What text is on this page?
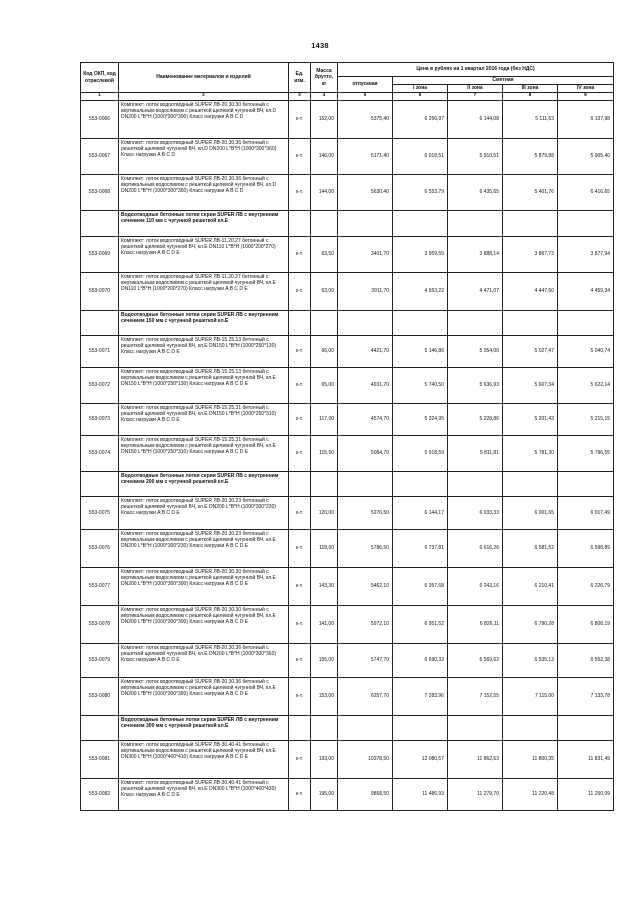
1438
Код ОКП, код отраслевой	Наименование материалов и изделий	Ед. изм.	Масса брутто, кг	Цена в рублях на 1 квартал 2016 года (без НДС)				
				отпускная	Сметная			
					I зона	II зона	III зона	IV зона
1	2	3	4	5	6	7	8	9
553-0066	Комплект: лоток водоотводный SUPER ЛВ-20.30.30 бетонный с вертикальным водосливом с решеткой щелевой чугунной ВЧ, кл.D DN200 L*B*H (1000*300*300) Класс нагрузки A B C D	к-т.	152,00	5375,40	6 256,97	6 144,08	5 111,63	6 137,98
553-0067	Комплект: лоток водоотводный SUPER ЛВ-20.30.36 бетонный с решеткой щелевой чугунной ВЧ, кл.D DN200 L*B*H (1000*300*360) Класс нагрузки A B C D	к-т.	146,00	5171,40	6 018,51	5 910,51	5 879,88	5 905,40
553-0068	Комплект: лоток водоотводный SUPER ЛВ-20.30.36 бетонный с вертикальным водосливом с решеткой щелевой чугунной ВЧ, кл.D DN200 L*B*H (1000*300*360) Класс нагрузки A B C D	к-т.	144,00	5630,40	6 553,79	6 435,65	5 401,76	6 416,65
	Водоотводные бетонные лотки серии SUPER ЛВ с внутренним сечением 110 мм с чугунной решеткой кл.E							
553-0069	Комплект: лоток водоотводный SUPER ЛВ-11.20.27 бетонный с решеткой щелевой чугунной ВЧ, кл.E DN110 L*B*H (1000*200*270) Класс нагрузки A B C D E	к-т.	63,50	3401,70	3 959,59	3 888,14	3 867,73	3 877,94
553-0070	Комплект: лоток водоотводный SUPER ЛВ-11.20.27 бетонный с вертикальным водосливом с решеткой щелевой чугунной ВЧ, кл.E DN110 L*B*H (1000*200*270) Класс нагрузки A B C D E	к-т.	63,00	3911,70	4 553,22	4 471,07	4 447,60	4 459,34
	Водоотводные бетонные лотки серии SUPER ЛВ с внутренним сечением 150 мм с чугунной решеткой кл.E							
553-0071	Комплект: лоток водоотводный SUPER ЛВ-15.25.13 бетонный с решеткой щелевой чугунной ВЧ, кл.E DN150 L*B*H (1000*250*130) Класс нагрузки A B C D E	к-т.	66,00	4421,70	5 146,86	5 054,00	5 027,47	5 040,74
553-0072	Комплект: лоток водоотводный SUPER ЛВ-15.25.13 бетонный с вертикальным водосливом с решеткой щелевой чугунной ВЧ, кл.E DN150 L*B*H (1000*250*130) Класс нагрузки A B C D E	к-т.	65,00	4931,70	5 740,50	5 636,93	5 607,34	5 622,14
553-0073	Комплект: лоток водоотводный SUPER ЛВ-15.25.31 бетонный с решеткой щелевой чугунной ВЧ, кл.E DN150 L*B*H (1000*250*310) Класс нагрузки A B C D E	к-т.	117,00	4574,70	5 324,95	5 228,86	5 201,43	5 215,15
553-0074	Комплект: лоток водоотводный SUPER ЛВ-15.25.31 бетонный с вертикальным водосливом с решеткой щелевой чугунной ВЧ, кл.E DN150 L*B*H (1000*250*310) Класс нагрузки A B C D E	к-т.	115,50	5084,70	5 918,59	5 811,81	5 781,30	5 796,55
	Водоотводные бетонные лотки серии SUPER ЛВ с внутренним сечением 200 мм с чугунной решеткой кл.E							
553-0075	Комплект: лоток водоотводный SUPER ЛВ-20.30.23 бетонный с решеткой щелевой чугунной ВЧ, кл.E DN200 L*B*H (1000*300*230) Класс нагрузки A B C D E	к-т.	120,00	5276,50	6 144,17	6 033,33	6 001,65	6 017,49
553-0076	Комплект: лоток водоотводный SUPER ЛВ-20.30.23 бетонный с вертикальным водосливом с решеткой щелевой чугунной ВЧ, кл.E DN200 L*B*H (1000*300*230) Класс нагрузки A B C D E	к-т.	118,00	5786,50	6 737,81	6 616,26	6 581,52	6 598,89
553-0077	Комплект: лоток водоотводный SUPER ЛВ-20.30.30 бетонный с вертикальным водосливом с решеткой щелевой чугунной ВЧ, кл.E DN200 L*B*H (1000*300*300) Класс нагрузки A B C D E	к-т.	143,30	5462,10	6 357,68	6 243,16	6 210,41	6 226,79
553-0078	Комплект: лоток водоотводный SUPER ЛВ-20.30.30 бетонный с вертикальным водосливом с решеткой щелевой чугунной ВЧ, кл.E DN200 L*B*H (1000*300*300) Класс нагрузки A B C D E	к-т.	141,00	5972,10	6 951,52	6 826,11	6 790,28	6 808,19
553-0079	Комплект: лоток водоотводный SUPER ЛВ-20.30.36 бетонный с решеткой щелевой чугунной ВЧ, кл.E DN200 L*B*H (1000*300*360) Класс нагрузки A B C D E	к-т.	155,00	5747,70	6 690,32	6 569,62	6 535,13	6 552,38
553-0080	Комплект: лоток водоотводный SUPER ЛВ-20.30.36 бетонный с вертикальным водосливом с решеткой щелевой чугунной ВЧ, кл.E DN200 L*B*H (1000*300*360) Класс нагрузки A B C D E	к-т.	153,00	6257,70	7 283,96	7 152,55	7 115,00	7 133,78
	Водоотводные бетонные лотки серии SUPER ЛВ с внутренним сечением 300 мм с чугунной решеткой кл.E							
553-0081	Комплект: лоток водоотводный SUPER ЛВ-30.40.41 бетонный с вертикальным водосливом с решеткой щелевой чугунной ВЧ, кл.E DN300 L*B*H (1000*400*410) Класс нагрузки A B C D E	к-т.	193,00	10378,50	12 080,57	11 862,63	11 800,35	11 831,49
553-0082	Комплект: лоток водоотводный SUPER ЛВ-30.40.41 бетонный с решеткой щелевой чугунной ВЧ, кл.E DN300 L*B*H (1000*400*430) Класс нагрузки A B C D E	к-т.	195,00	9868,50	11 486,93	11 279,70	11 220,48	11 250,09
